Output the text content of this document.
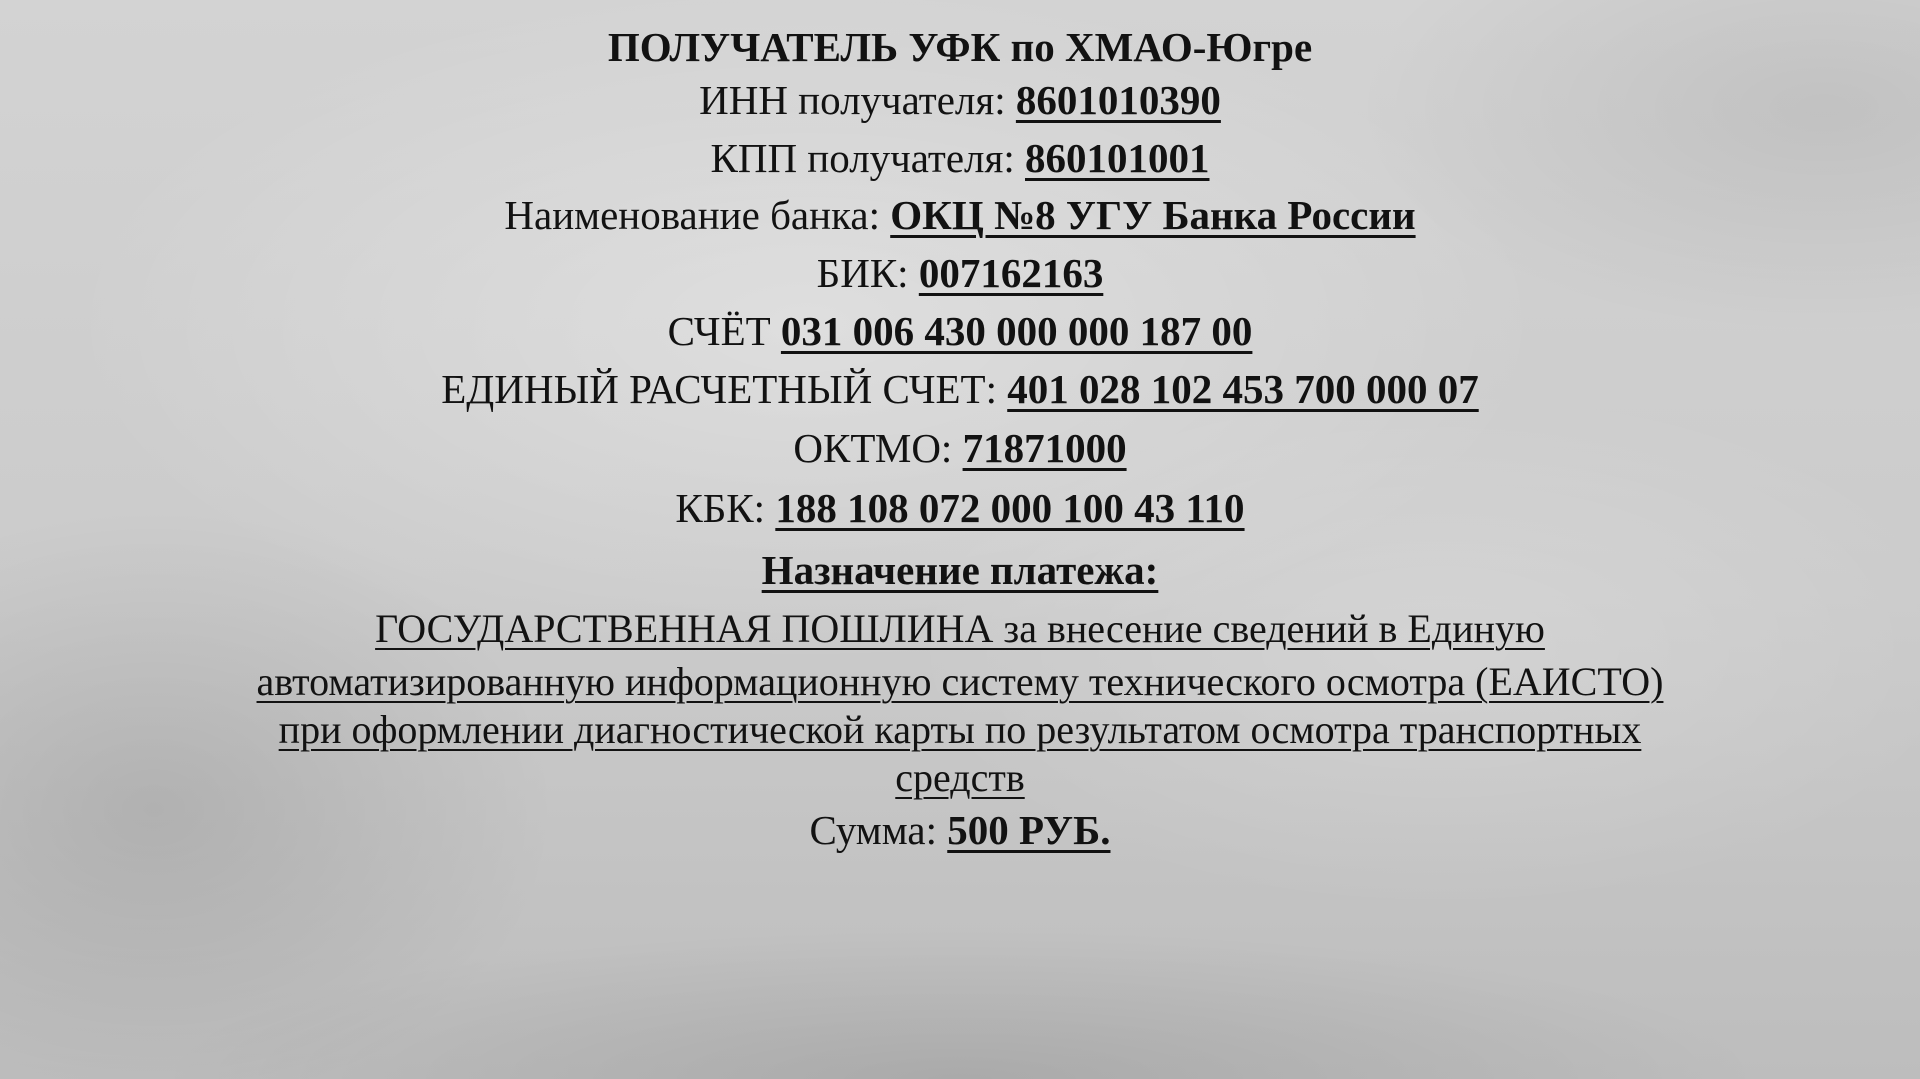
ПОЛУЧАТЕЛЬ УФК по ХМАО-Югре
ИНН получателя: 8601010390
КПП получателя: 860101001
Наименование банка: ОКЦ №8 УГУ Банка России
БИК: 007162163
СЧЁТ 031 006 430 000 000 187 00
ЕДИНЫЙ РАСЧЕТНЫЙ СЧЕТ: 401 028 102 453 700 000 07
ОКТМО: 71871000
КБК: 188 108 072 000 100 43 110
Назначение платежа:
ГОСУДАРСТВЕННАЯ ПОШЛИНА за внесение сведений в Единую
автоматизированную информационную систему технического осмотра (ЕАИСТО)
при оформлении диагностической карты по результатом осмотра транспортных
средств
Сумма: 500 РУБ.
